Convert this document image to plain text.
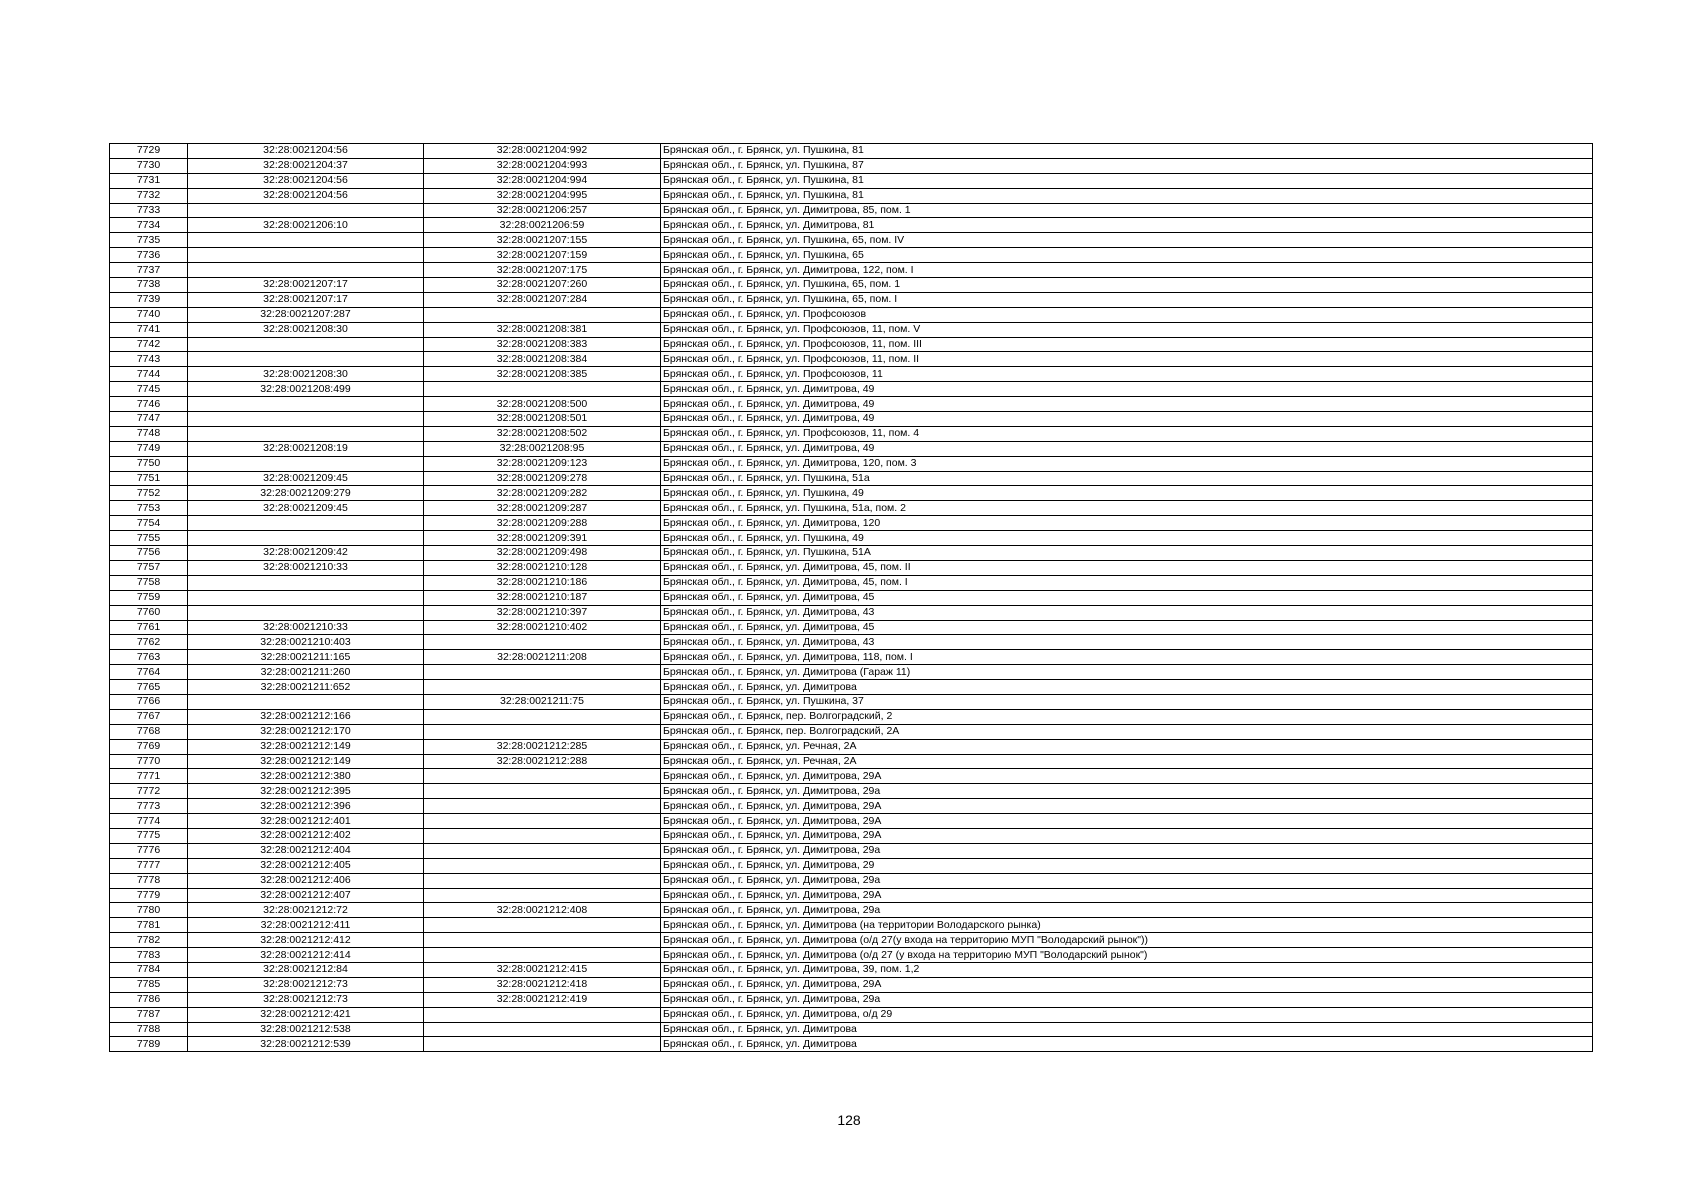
7729	32:28:0021204:56	32:28:0021204:992	Брянская обл., г. Брянск, ул. Пушкина, 81
7730	32:28:0021204:37	32:28:0021204:993	Брянская обл., г. Брянск, ул. Пушкина, 87
7731	32:28:0021204:56	32:28:0021204:994	Брянская обл., г. Брянск, ул. Пушкина, 81
7732	32:28:0021204:56	32:28:0021204:995	Брянская обл., г. Брянск, ул. Пушкина, 81
7733		32:28:0021206:257	Брянская обл., г. Брянск, ул. Димитрова, 85, пом. 1
7734	32:28:0021206:10	32:28:0021206:59	Брянская обл., г. Брянск, ул. Димитрова, 81
7735		32:28:0021207:155	Брянская обл., г. Брянск, ул. Пушкина, 65, пом. IV
7736		32:28:0021207:159	Брянская обл., г. Брянск, ул. Пушкина, 65
7737		32:28:0021207:175	Брянская обл., г. Брянск, ул. Димитрова, 122, пом. I
7738	32:28:0021207:17	32:28:0021207:260	Брянская обл., г. Брянск, ул. Пушкина, 65, пом. 1
7739	32:28:0021207:17	32:28:0021207:284	Брянская обл., г. Брянск, ул. Пушкина, 65, пом. I
7740	32:28:0021207:287		Брянская обл., г. Брянск, ул. Профсоюзов
7741	32:28:0021208:30	32:28:0021208:381	Брянская обл., г. Брянск, ул. Профсоюзов, 11, пом. V
7742		32:28:0021208:383	Брянская обл., г. Брянск, ул. Профсоюзов, 11, пом. III
7743		32:28:0021208:384	Брянская обл., г. Брянск, ул. Профсоюзов, 11, пом. II
7744	32:28:0021208:30	32:28:0021208:385	Брянская обл., г. Брянск, ул. Профсоюзов, 11
7745	32:28:0021208:499		Брянская обл., г. Брянск, ул. Димитрова, 49
7746		32:28:0021208:500	Брянская обл., г. Брянск, ул. Димитрова, 49
7747		32:28:0021208:501	Брянская обл., г. Брянск, ул. Димитрова, 49
7748		32:28:0021208:502	Брянская обл., г. Брянск, ул. Профсоюзов, 11, пом. 4
7749	32:28:0021208:19	32:28:0021208:95	Брянская обл., г. Брянск, ул. Димитрова, 49
7750		32:28:0021209:123	Брянская обл., г. Брянск, ул. Димитрова, 120, пом. 3
7751	32:28:0021209:45	32:28:0021209:278	Брянская обл., г. Брянск, ул. Пушкина, 51а
7752	32:28:0021209:279	32:28:0021209:282	Брянская обл., г. Брянск, ул. Пушкина, 49
7753	32:28:0021209:45	32:28:0021209:287	Брянская обл., г. Брянск, ул. Пушкина, 51а, пом. 2
7754		32:28:0021209:288	Брянская обл., г. Брянск, ул. Димитрова, 120
7755		32:28:0021209:391	Брянская обл., г. Брянск, ул. Пушкина, 49
7756	32:28:0021209:42	32:28:0021209:498	Брянская обл., г. Брянск, ул. Пушкина, 51А
7757	32:28:0021210:33	32:28:0021210:128	Брянская обл., г. Брянск, ул. Димитрова, 45, пом. II
7758		32:28:0021210:186	Брянская обл., г. Брянск, ул. Димитрова, 45, пом. I
7759		32:28:0021210:187	Брянская обл., г. Брянск, ул. Димитрова, 45
7760		32:28:0021210:397	Брянская обл., г. Брянск, ул. Димитрова, 43
7761	32:28:0021210:33	32:28:0021210:402	Брянская обл., г. Брянск, ул. Димитрова, 45
7762	32:28:0021210:403		Брянская обл., г. Брянск, ул. Димитрова, 43
7763	32:28:0021211:165	32:28:0021211:208	Брянская обл., г. Брянск, ул. Димитрова, 118, пом. I
7764	32:28:0021211:260		Брянская обл., г. Брянск, ул. Димитрова (Гараж 11)
7765	32:28:0021211:652		Брянская обл., г. Брянск, ул. Димитрова
7766		32:28:0021211:75	Брянская обл., г. Брянск, ул. Пушкина, 37
7767	32:28:0021212:166		Брянская обл., г. Брянск, пер. Волгоградский, 2
7768	32:28:0021212:170		Брянская обл., г. Брянск, пер. Волгоградский, 2А
7769	32:28:0021212:149	32:28:0021212:285	Брянская обл., г. Брянск, ул. Речная, 2А
7770	32:28:0021212:149	32:28:0021212:288	Брянская обл., г. Брянск, ул. Речная, 2А
7771	32:28:0021212:380		Брянская обл., г. Брянск, ул. Димитрова, 29А
7772	32:28:0021212:395		Брянская обл., г. Брянск, ул. Димитрова, 29а
7773	32:28:0021212:396		Брянская обл., г. Брянск, ул. Димитрова, 29А
7774	32:28:0021212:401		Брянская обл., г. Брянск, ул. Димитрова, 29А
7775	32:28:0021212:402		Брянская обл., г. Брянск, ул. Димитрова, 29А
7776	32:28:0021212:404		Брянская обл., г. Брянск, ул. Димитрова, 29а
7777	32:28:0021212:405		Брянская обл., г. Брянск, ул. Димитрова, 29
7778	32:28:0021212:406		Брянская обл., г. Брянск, ул. Димитрова, 29а
7779	32:28:0021212:407		Брянская обл., г. Брянск, ул. Димитрова, 29А
7780	32:28:0021212:72	32:28:0021212:408	Брянская обл., г. Брянск, ул. Димитрова, 29а
7781	32:28:0021212:411		Брянская обл., г. Брянск, ул. Димитрова (на территории Володарского рынка)
7782	32:28:0021212:412		Брянская обл., г. Брянск, ул. Димитрова (о/д 27(у входа на территорию МУП "Володарский рынок"))
7783	32:28:0021212:414		Брянская обл., г. Брянск, ул. Димитрова (о/д 27 (у входа на территорию МУП "Володарский рынок")
7784	32:28:0021212:84	32:28:0021212:415	Брянская обл., г. Брянск, ул. Димитрова, 39, пом. 1,2
7785	32:28:0021212:73	32:28:0021212:418	Брянская обл., г. Брянск, ул. Димитрова, 29А
7786	32:28:0021212:73	32:28:0021212:419	Брянская обл., г. Брянск, ул. Димитрова, 29а
7787	32:28:0021212:421		Брянская обл., г. Брянск, ул. Димитрова, о/д 29
7788	32:28:0021212:538		Брянская обл., г. Брянск, ул. Димитрова
7789	32:28:0021212:539		Брянская обл., г. Брянск, ул. Димитрова
128
